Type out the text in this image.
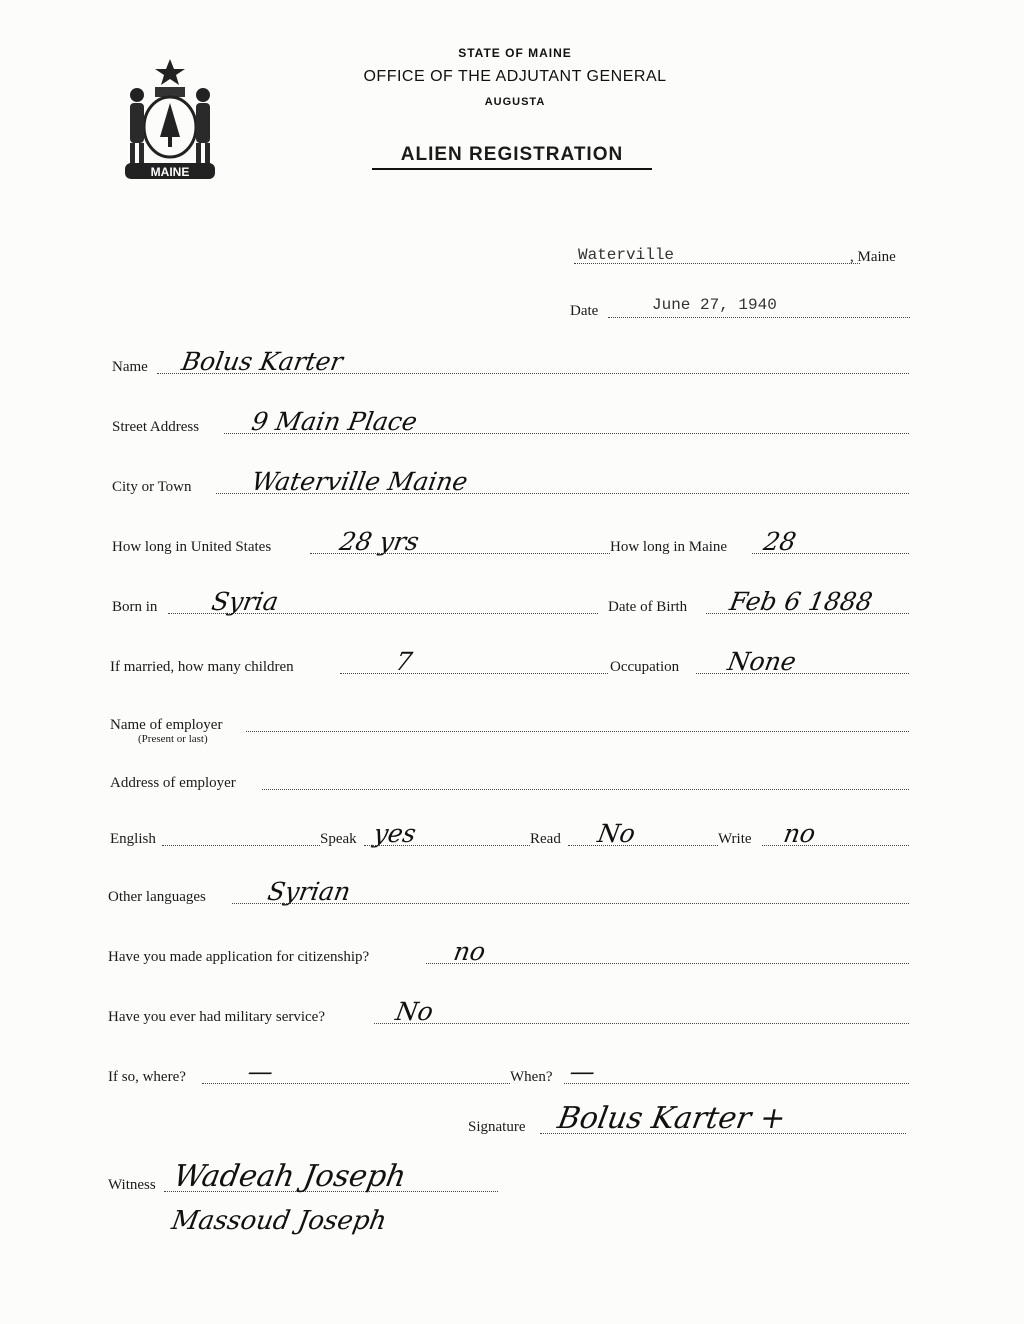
MAINE
STATE OF MAINE
OFFICE OF THE ADJUTANT GENERAL
AUGUSTA
ALIEN REGISTRATION
Waterville	, Maine
Date	June 27, 1940
Name Bolus Karter
Street Address 9 Main Place
City or Town Waterville Maine
How long in United States	28 yrs	How long in Maine 28
Born in Syria	Date of Birth Feb 6 1888
If married, how many children	7	Occupation None
Name of employer
(Present or last)
Address of employer
English	Speak yes	Read No	Write no
Other languages Syrian
Have you made application for citizenship?	no
Have you ever had military service?	No
If so, where? —	When? —
Signature Bolus Karter +
Witness Wadeah Joseph
Massoud Joseph
